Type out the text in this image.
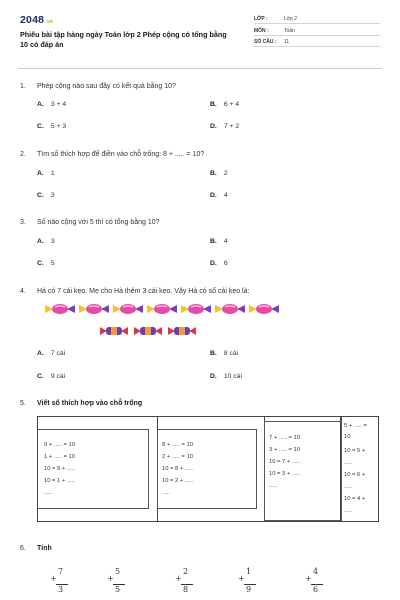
2048.vn
Phiếu bài tập hàng ngày Toán lớp 2 Phép cộng có tổng bằng 10 có đáp án
LỚP :	Lớp 2
MÔN :	Toán
SỐ CÂU : 11
1. Phép cộng nào sau đây có kết quả bằng 10?
A. 3 + 4	B. 6 + 4
C. 5 + 3	D. 7 + 2
2. Tìm số thích hợp để điền vào chỗ trống: 8 + ..... = 10?
A. 1	B. 2
C. 3	D. 4
3. Số nào cộng với 5 thì có tổng bằng 10?
A. 3	B. 4
C. 5	D. 6
4. Hà có 7 cái kẹo. Mẹ cho Hà thêm 3 cái kẹo. Vậy Hà có số cái kẹo là:
A. 7 cái	B. 8 cái
C. 9 cái	D. 10 cái
5. Viết số thích hợp vào chỗ trống
9 + ..... = 10
1 + ..... = 10
10 = 9 + .....
10 = 1 + .....
.....
8 + ..... = 10
2 + ..... = 10
10 = 8 + .....
10 = 2 + .....
.....
7 + ..... = 10
3 + ..... = 10
10 = 7 + .....
10 = 3 + .....
.....
5 + ..... =
10
10 = 5 +
.....
10 = 6 +
.....
10 = 4 +
.....
6. Tính
7
+
3
5
+
5
2
+
8
1
+
9
4
+
6
